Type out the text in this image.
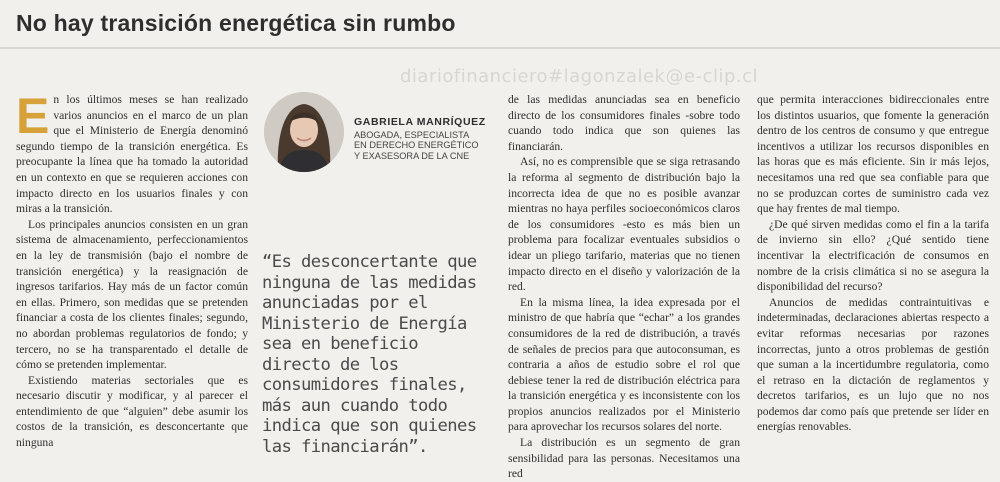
No hay transición energética sin rumbo
diariofinanciero#lagonzalek@e-clip.cl

En los últimos meses se han realizado varios anuncios en el marco de un plan que el Ministerio de Energía denominó segundo tiempo de la transición energética. Es preocupante la línea que ha tomado la autoridad en un contexto en que se requieren acciones con impacto directo en los usuarios finales y con miras a la transición.

Los principales anuncios consisten en un gran sistema de almacenamiento, perfeccionamientos en la ley de transmisión (bajo el nombre de transición energética) y la reasignación de ingresos tarifarios. Hay más de un factor común en ellas. Primero, son medidas que se pretenden financiar a costa de los clientes finales; segundo, no abordan problemas regulatorios de fondo; y tercero, no se ha transparentado el detalle de cómo se pretenden implementar.

Existiendo materias sectoriales que es necesario discutir y modificar, y al parecer el entendimiento de que “alguien” debe asumir los costos de la transición, es desconcertante que ninguna

GABRIELA MANRÍQUEZ
ABOGADA, ESPECIALISTA EN DERECHO ENERGÉTICO Y EXASESORA DE LA CNE
“Es desconcertante que ninguna de las medidas anunciadas por el Ministerio de Energía sea en beneficio directo de los consumidores finales, más aun cuando todo indica que son quienes las financiarán”.

de las medidas anunciadas sea en beneficio directo de los consumidores finales -sobre todo cuando todo indica que son quienes las financiarán.

Así, no es comprensible que se siga retrasando la reforma al segmento de distribución bajo la incorrecta idea de que no es posible avanzar mientras no haya perfiles socioeconómicos claros de los consumidores -esto es más bien un problema para focalizar eventuales subsidios o idear un pliego tarifario, materias que no tienen impacto directo en el diseño y valorización de la red.

En la misma línea, la idea expresada por el ministro de que habría que “echar” a los grandes consumidores de la red de distribución, a través de señales de precios para que autoconsuman, es contraria a años de estudio sobre el rol que debiese tener la red de distribución eléctrica para la transición energética y es inconsistente con los propios anuncios realizados por el Ministerio para aprovechar los recursos solares del norte.

La distribución es un segmento de gran sensibilidad para las personas. Necesitamos una red

que permita interacciones bidireccionales entre los distintos usuarios, que fomente la generación dentro de los centros de consumo y que entregue incentivos a utilizar los recursos disponibles en las horas que es más eficiente. Sin ir más lejos, necesitamos una red que sea confiable para que no se produzcan cortes de suministro cada vez que hay frentes de mal tiempo.

¿De qué sirven medidas como el fin a la tarifa de invierno sin ello? ¿Qué sentido tiene incentivar la electrificación de consumos en nombre de la crisis climática si no se asegura la disponibilidad del recurso?

Anuncios de medidas contraintuitivas e indeterminadas, declaraciones abiertas respecto a evitar reformas necesarias por razones incorrectas, junto a otros problemas de gestión que suman a la incertidumbre regulatoria, como el retraso en la dictación de reglamentos y decretos tarifarios, es un lujo que no nos podemos dar como país que pretende ser líder en energías renovables.
